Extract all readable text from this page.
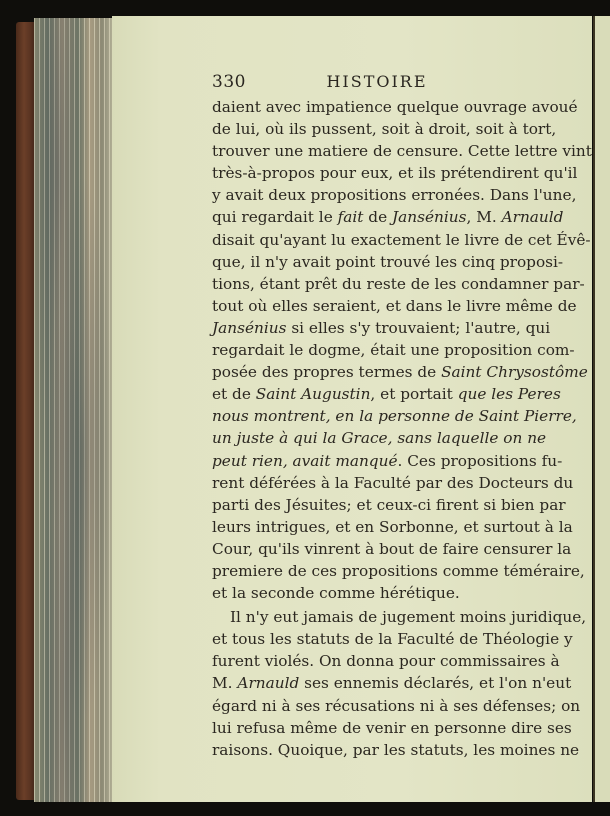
330	HISTOIRE
daient avec impatience quelque ouvrage avoué
de lui, où ils pussent, soit à droit, soit à tort,
trouver une matiere de censure. Cette lettre vint
très-à-propos pour eux, et ils prétendirent qu'il
y avait deux propositions erronées. Dans l'une,
qui regardait le fait de Jansénius, M. Arnauld
disait qu'ayant lu exactement le livre de cet Évê-
que, il n'y avait point trouvé les cinq proposi-
tions, étant prêt du reste de les condamner par-
tout où elles seraient, et dans le livre même de
Jansénius si elles s'y trouvaient; l'autre, qui
regardait le dogme, était une proposition com-
posée des propres termes de Saint Chrysostôme
et de Saint Augustin, et portait que les Peres
nous montrent, en la personne de Saint Pierre,
un juste à qui la Grace, sans laquelle on ne
peut rien, avait manqué. Ces propositions fu-
rent déférées à la Faculté par des Docteurs du
parti des Jésuites; et ceux-ci firent si bien par
leurs intrigues, et en Sorbonne, et surtout à la
Cour, qu'ils vinrent à bout de faire censurer la
premiere de ces propositions comme téméraire,
et la seconde comme hérétique.
Il n'y eut jamais de jugement moins juridique,
et tous les statuts de la Faculté de Théologie y
furent violés. On donna pour commissaires à
M. Arnauld ses ennemis déclarés, et l'on n'eut
égard ni à ses récusations ni à ses défenses; on
lui refusa même de venir en personne dire ses
raisons. Quoique, par les statuts, les moines ne
